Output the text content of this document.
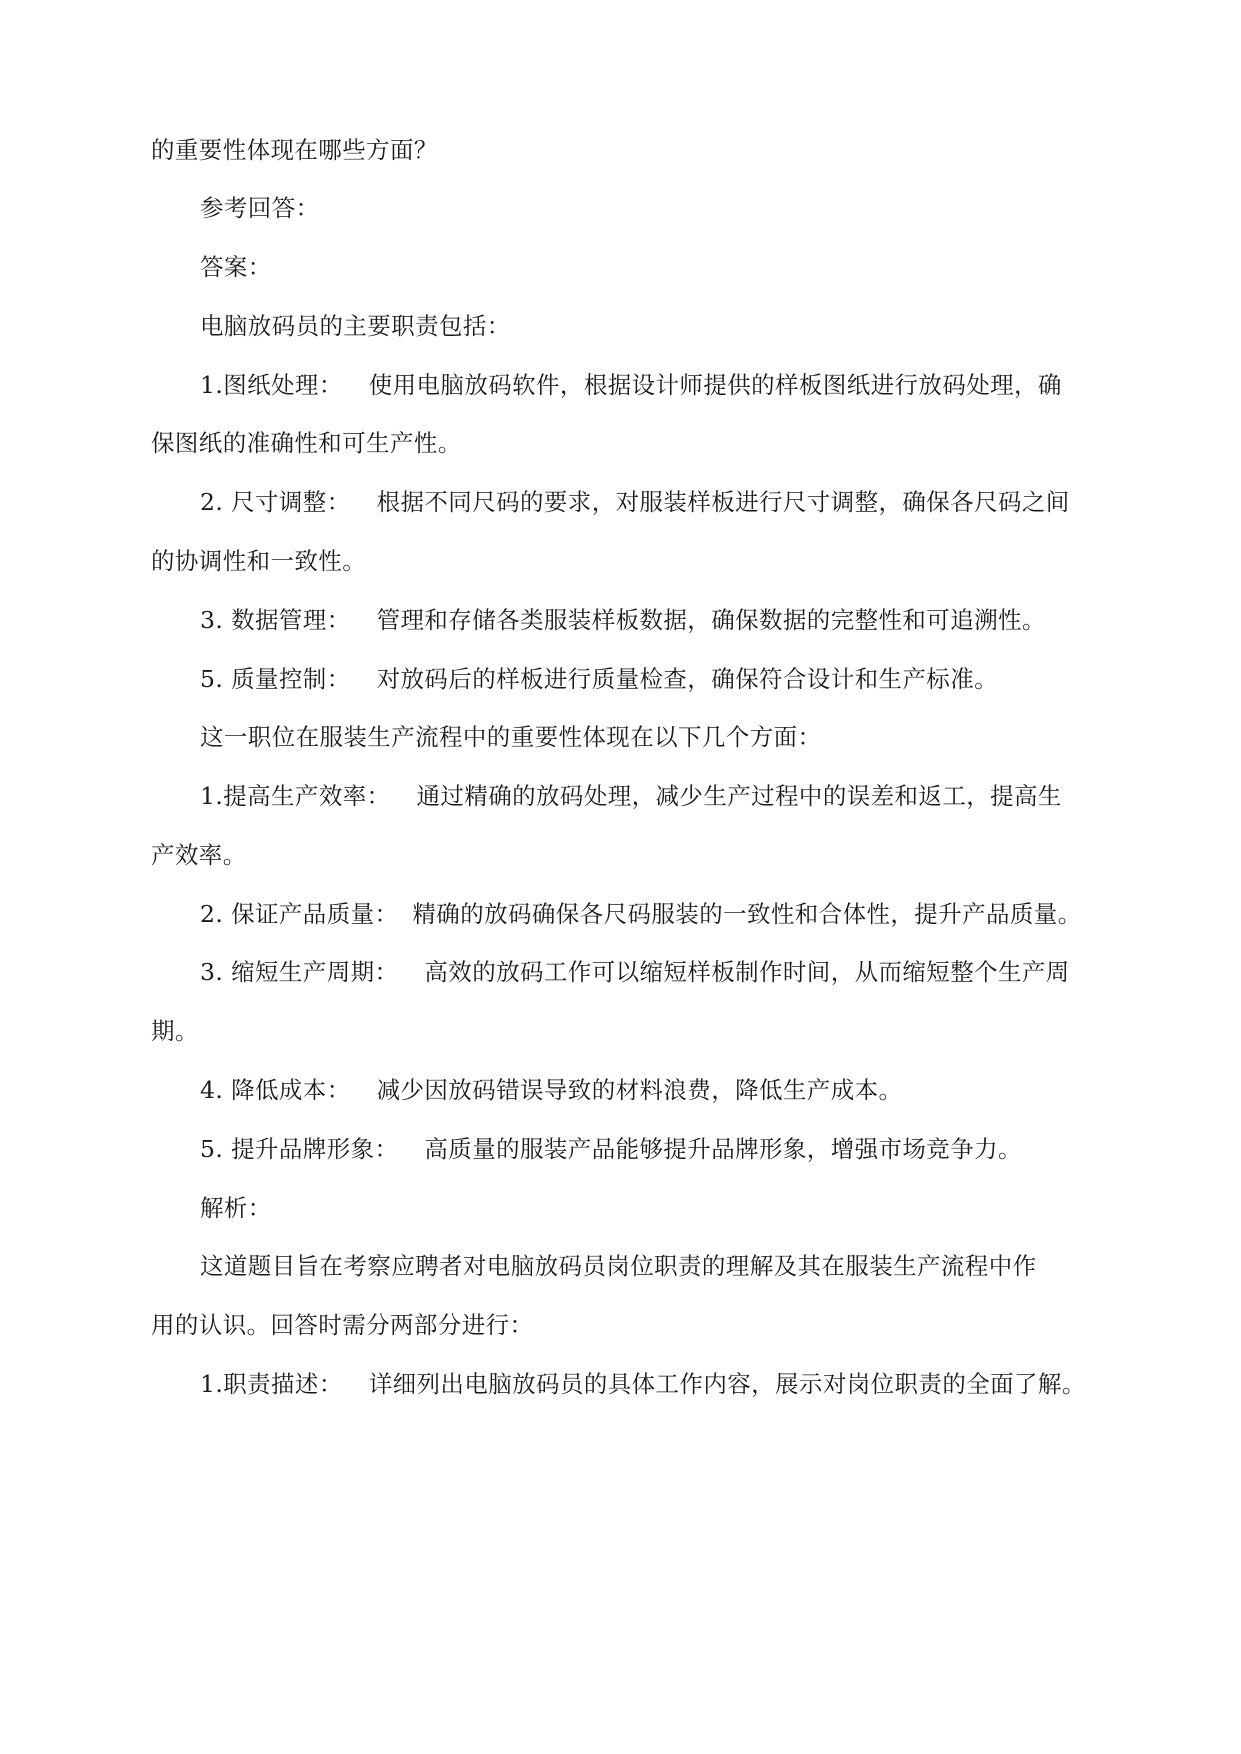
的重要性体现在哪些方面？
参考回答：
答案：
电脑放码员的主要职责包括：
1.图纸处理： 使用电脑放码软件，根据设计师提供的样板图纸进行放码处理，确
保图纸的准确性和可生产性。
2. 尺寸调整： 根据不同尺码的要求，对服装样板进行尺寸调整，确保各尺码之间
的协调性和一致性。
3. 数据管理： 管理和存储各类服装样板数据，确保数据的完整性和可追溯性。
5. 质量控制： 对放码后的样板进行质量检查，确保符合设计和生产标准。
这一职位在服装生产流程中的重要性体现在以下几个方面：
1.提高生产效率： 通过精确的放码处理，减少生产过程中的误差和返工，提高生
产效率。
2. 保证产品质量： 精确的放码确保各尺码服装的一致性和合体性，提升产品质量。
3. 缩短生产周期： 高效的放码工作可以缩短样板制作时间，从而缩短整个生产周
期。
4. 降低成本： 减少因放码错误导致的材料浪费，降低生产成本。
5. 提升品牌形象： 高质量的服装产品能够提升品牌形象，增强市场竞争力。
解析：
这道题目旨在考察应聘者对电脑放码员岗位职责的理解及其在服装生产流程中作
用的认识。回答时需分两部分进行：
1.职责描述： 详细列出电脑放码员的具体工作内容，展示对岗位职责的全面了解。
